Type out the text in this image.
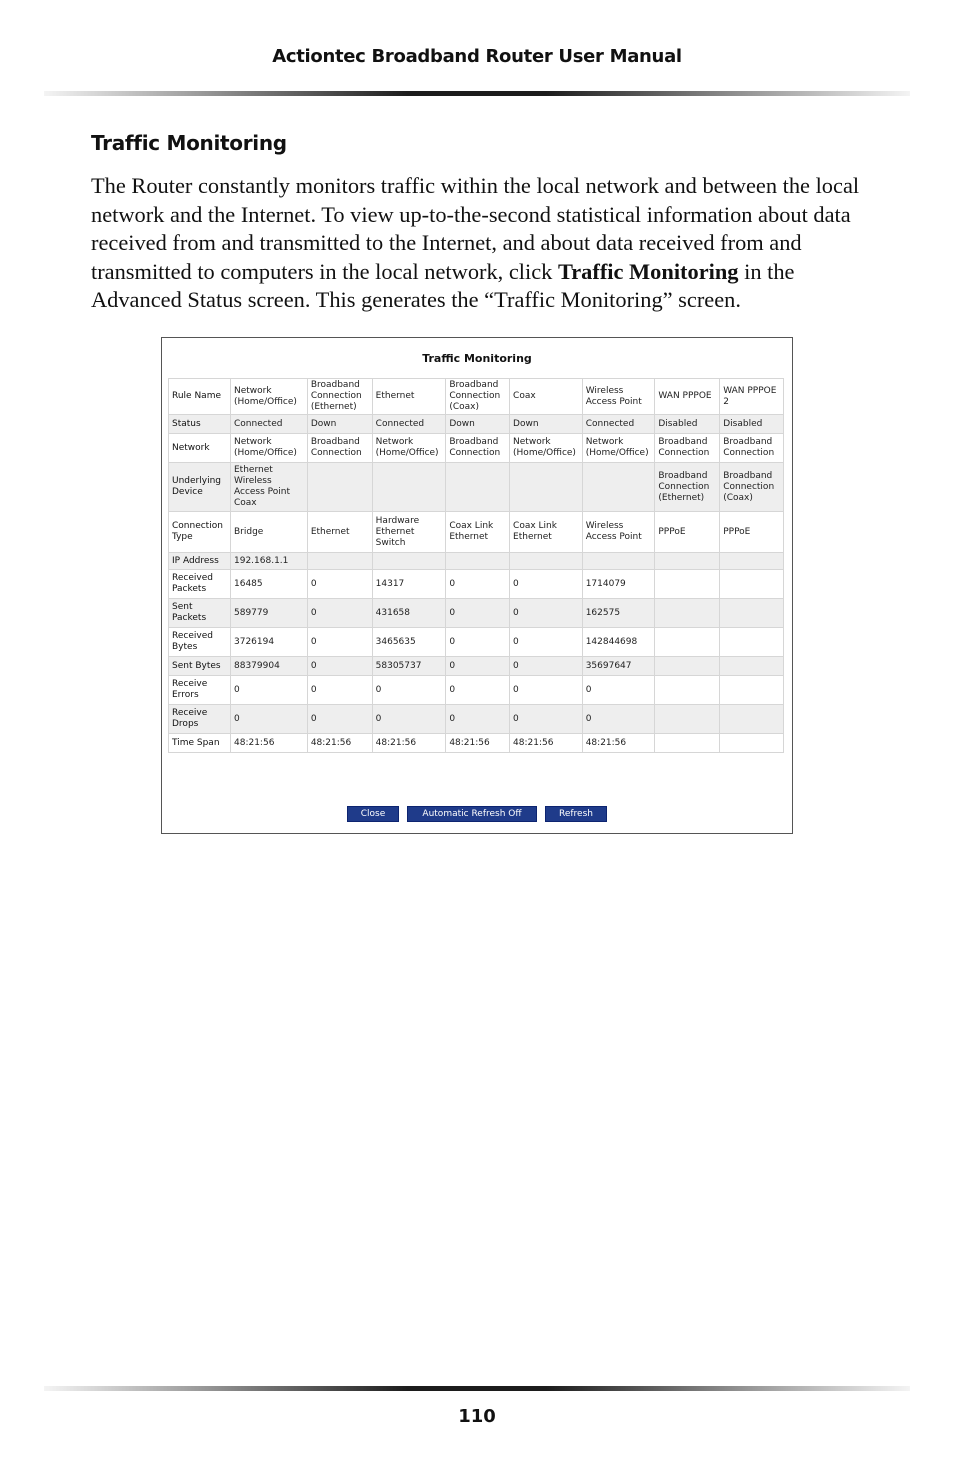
Actiontec Broadband Router User Manual
Traffic Monitoring

The Router constantly monitors traffic within the local network and between the local network and the Internet. To view up-to-the-second statistical information about data received from and transmitted to the Internet, and about data received from and transmitted to computers in the local network, click Traffic Monitoring in the Advanced Status screen. This generates the “Traffic Monitoring” screen.

Traffic Monitoring
Rule Name	Network (Home/Office)	Broadband Connection (Ethernet)	Ethernet	Broadband Connection (Coax)	Coax	Wireless Access Point	WAN PPPOE	WAN PPPOE 2
Status	Connected	Down	Connected	Down	Down	Connected	Disabled	Disabled
Network	Network (Home/Office)	Broadband Connection	Network (Home/Office)	Broadband Connection	Network (Home/Office)	Network (Home/Office)	Broadband Connection	Broadband Connection
Underlying Device	Ethernet Wireless Access Point Coax						Broadband Connection (Ethernet)	Broadband Connection (Coax)
Connection Type	Bridge	Ethernet	Hardware Ethernet Switch	Coax Link Ethernet	Coax Link Ethernet	Wireless Access Point	PPPoE	PPPoE
IP Address	192.168.1.1							
Received Packets	16485	0	14317	0	0	1714079		
Sent Packets	589779	0	431658	0	0	162575		
Received Bytes	3726194	0	3465635	0	0	142844698		
Sent Bytes	88379904	0	58305737	0	0	35697647		
Receive Errors	0	0	0	0	0	0		
Receive Drops	0	0	0	0	0	0		
Time Span	48:21:56	48:21:56	48:21:56	48:21:56	48:21:56	48:21:56		
Close	Automatic Refresh Off	Refresh
110
